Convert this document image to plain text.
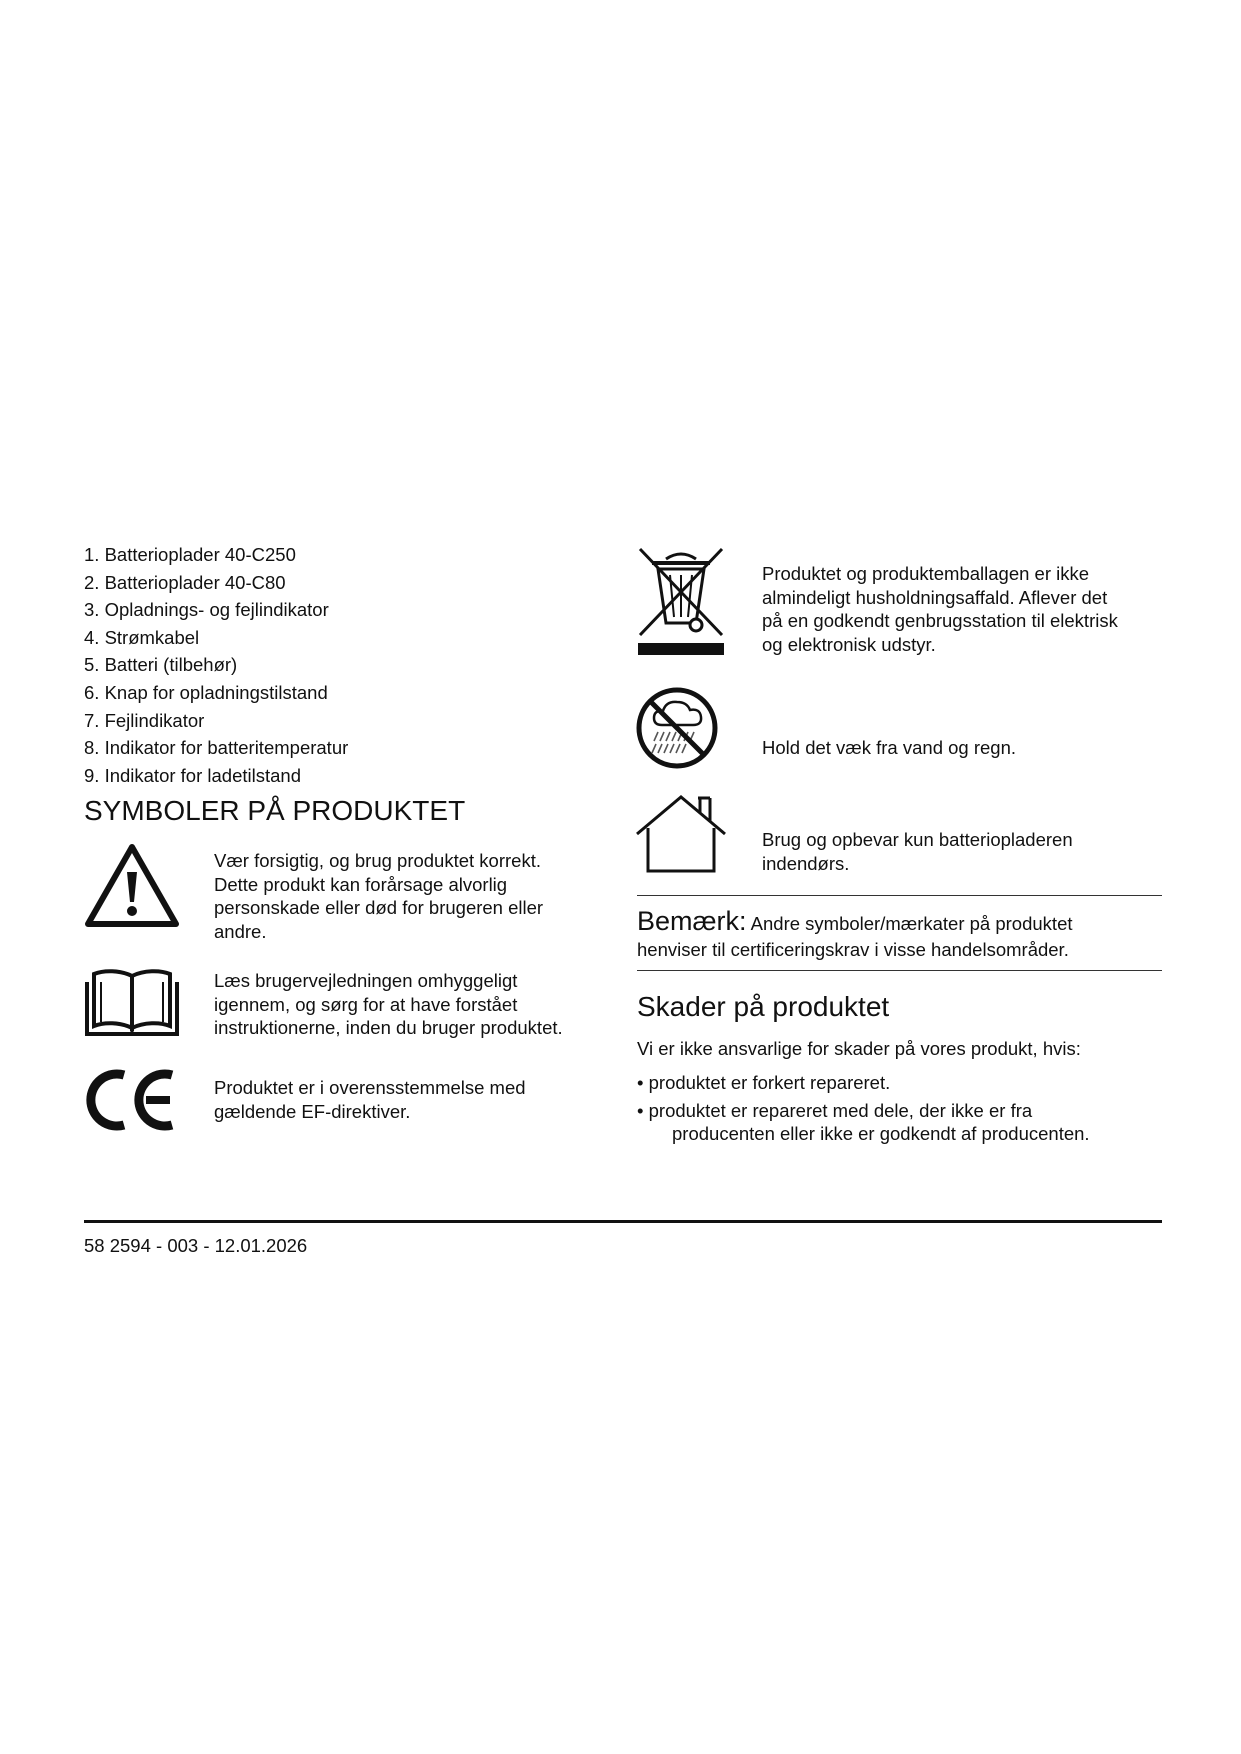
1. Batterioplader 40-C250
2. Batterioplader 40-C80
3. Opladnings- og fejlindikator
4. Strømkabel
5. Batteri (tilbehør)
6. Knap for opladningstilstand
7. Fejlindikator
8. Indikator for batteritemperatur
9. Indikator for ladetilstand
SYMBOLER PÅ PRODUKTET

Vær forsigtig, og brug produktet korrekt.
Dette produkt kan forårsage alvorlig
personskade eller død for brugeren eller
andre.

Læs brugervejledningen omhyggeligt
igennem, og sørg for at have forstået
instruktionerne, inden du bruger produktet.

Produktet er i overensstemmelse med
gældende EF-direktiver.

Produktet og produktemballagen er ikke
almindeligt husholdningsaffald. Aflever det
på en godkendt genbrugsstation til elektrisk
og elektronisk udstyr.

Hold det væk fra vand og regn.

Brug og opbevar kun batteriopladeren
indendørs.

Bemærk: Andre symboler/mærkater på produktet
henviser til certificeringskrav i visse handelsområder.

Skader på produktet

Vi er ikke ansvarlige for skader på vores produkt, hvis:

• produktet er forkert repareret.
• produktet er repareret med dele, der ikke er fra
producenten eller ikke er godkendt af producenten.

58 2594 - 003 - 12.01.2026
